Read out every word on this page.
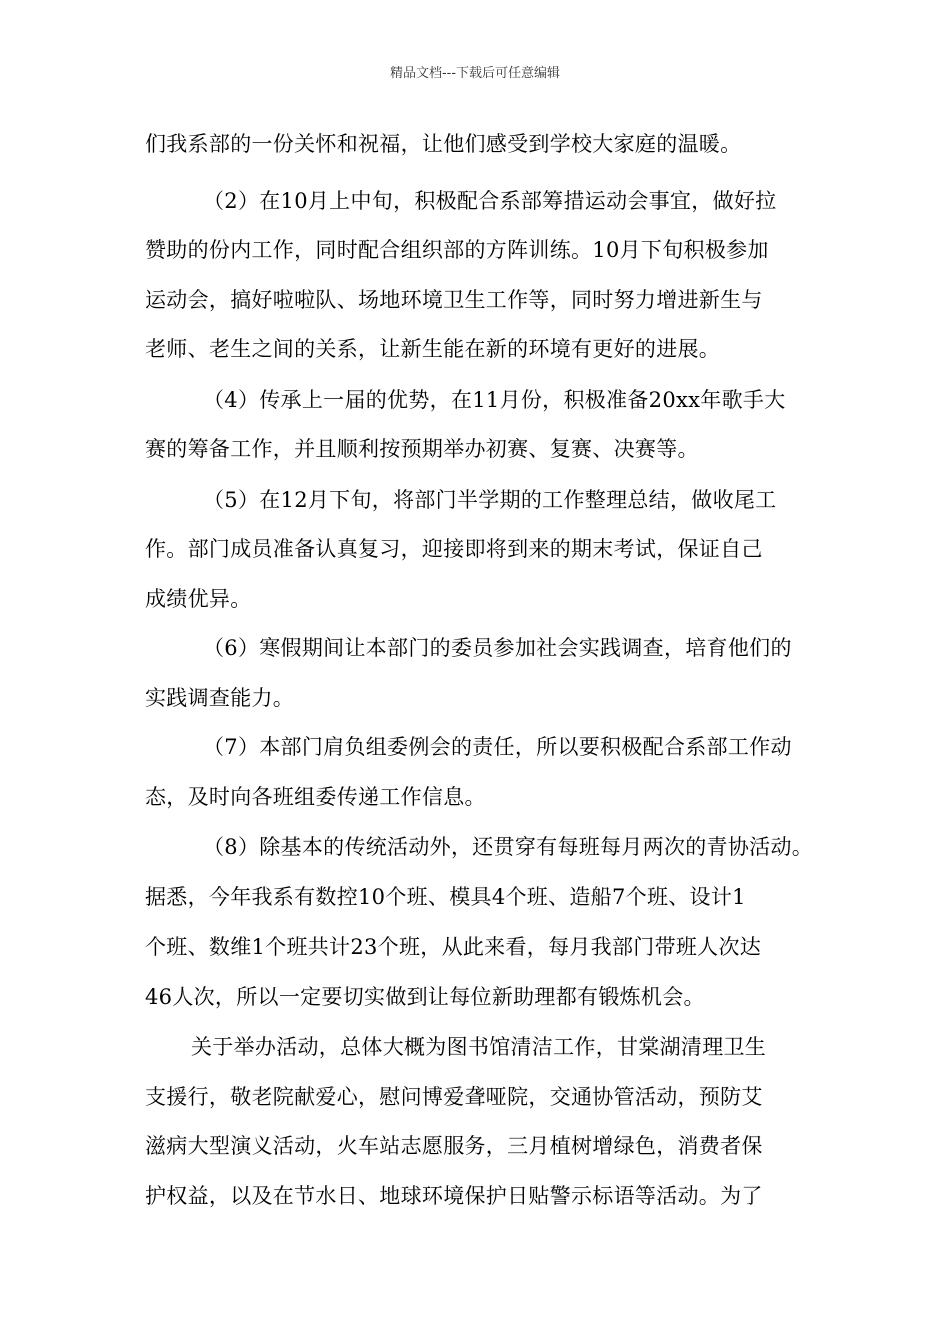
精品文档---下载后可任意编辑
们我系部的一份关怀和祝福，让他们感受到学校大家庭的温暖。
（2）在10月上中旬，积极配合系部筹措运动会事宜，做好拉
赞助的份内工作，同时配合组织部的方阵训练。10月下旬积极参加
运动会，搞好啦啦队、场地环境卫生工作等，同时努力增进新生与
老师、老生之间的关系，让新生能在新的环境有更好的进展。
（4）传承上一届的优势，在11月份，积极准备20xx年歌手大
赛的筹备工作，并且顺利按预期举办初赛、复赛、决赛等。
（5）在12月下旬，将部门半学期的工作整理总结，做收尾工
作。部门成员准备认真复习，迎接即将到来的期末考试，保证自己
成绩优异。
（6）寒假期间让本部门的委员参加社会实践调查，培育他们的
实践调查能力。
（7）本部门肩负组委例会的责任，所以要积极配合系部工作动
态，及时向各班组委传递工作信息。
（8）除基本的传统活动外，还贯穿有每班每月两次的青协活动。
据悉，今年我系有数控10个班、模具4个班、造船7个班、设计1
个班、数维1个班共计23个班，从此来看，每月我部门带班人次达
46人次，所以一定要切实做到让每位新助理都有锻炼机会。
关于举办活动，总体大概为图书馆清洁工作，甘棠湖清理卫生
支援行，敬老院献爱心，慰问博爱聋哑院，交通协管活动，预防艾
滋病大型演义活动，火车站志愿服务，三月植树增绿色，消费者保
护权益，以及在节水日、地球环境保护日贴警示标语等活动。为了
